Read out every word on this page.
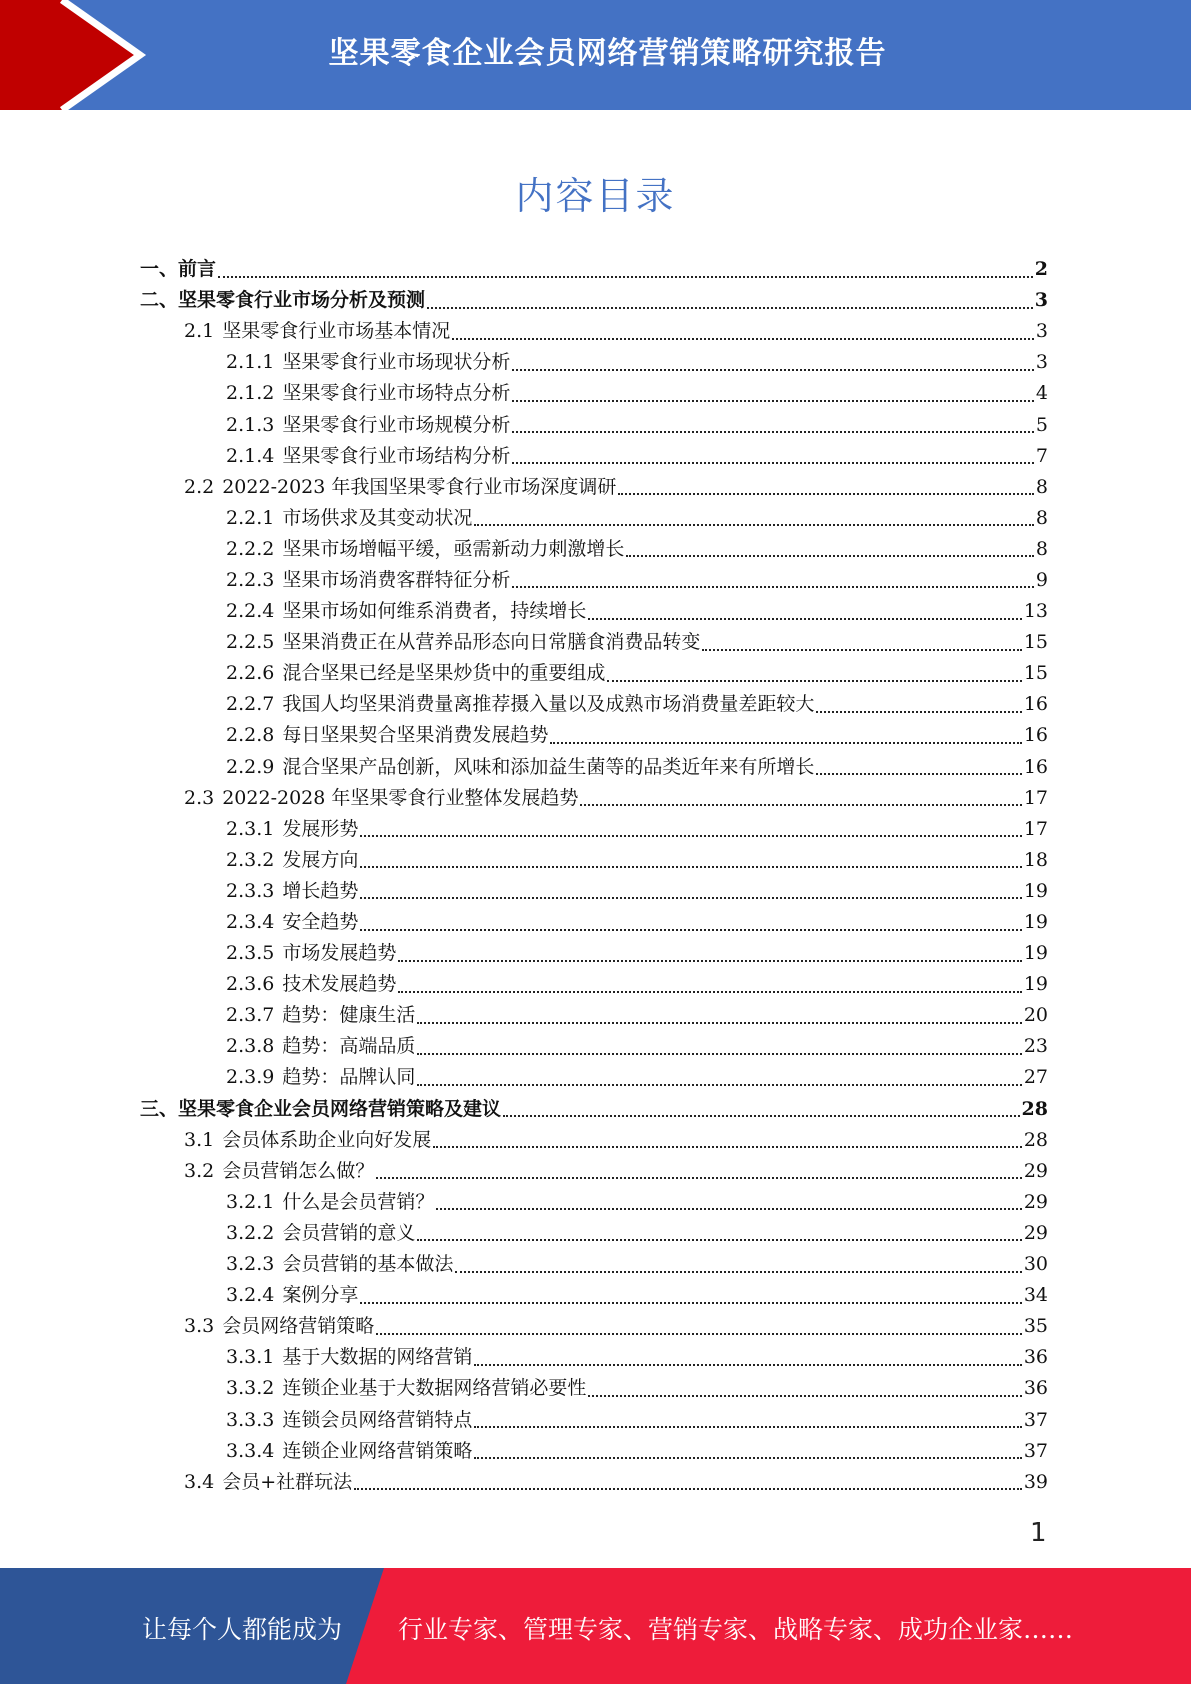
坚果零食企业会员网络营销策略研究报告
内容目录
一、 前言	2
二、 坚果零食行业市场分析及预测	3
2.1 坚果零食行业市场基本情况	3
2.1.1 坚果零食行业市场现状分析	3
2.1.2 坚果零食行业市场特点分析	4
2.1.3 坚果零食行业市场规模分析	5
2.1.4 坚果零食行业市场结构分析	7
2.2 2022-2023 年我国坚果零食行业市场深度调研	8
2.2.1 市场供求及其变动状况	8
2.2.2 坚果市场增幅平缓，亟需新动力刺激增长	8
2.2.3 坚果市场消费客群特征分析	9
2.2.4 坚果市场如何维系消费者，持续增长	13
2.2.5 坚果消费正在从营养品形态向日常膳食消费品转变	15
2.2.6 混合坚果已经是坚果炒货中的重要组成	15
2.2.7 我国人均坚果消费量离推荐摄入量以及成熟市场消费量差距较大	16
2.2.8 每日坚果契合坚果消费发展趋势	16
2.2.9 混合坚果产品创新，风味和添加益生菌等的品类近年来有所增长	16
2.3 2022-2028 年坚果零食行业整体发展趋势	17
2.3.1 发展形势	17
2.3.2 发展方向	18
2.3.3 增长趋势	19
2.3.4 安全趋势	19
2.3.5 市场发展趋势	19
2.3.6 技术发展趋势	19
2.3.7 趋势：健康生活	20
2.3.8 趋势：高端品质	23
2.3.9 趋势：品牌认同	27
三、 坚果零食企业会员网络营销策略及建议	28
3.1 会员体系助企业向好发展	28
3.2 会员营销怎么做？	29
3.2.1 什么是会员营销？	29
3.2.2 会员营销的意义	29
3.2.3 会员营销的基本做法	30
3.2.4 案例分享	34
3.3 会员网络营销策略	35
3.3.1 基于大数据的网络营销	36
3.3.2 连锁企业基于大数据网络营销必要性	36
3.3.3 连锁会员网络营销特点	37
3.3.4 连锁企业网络营销策略	37
3.4 会员+社群玩法	39
1
让每个人都能成为 行业专家、管理专家、营销专家、战略专家、成功企业家……
